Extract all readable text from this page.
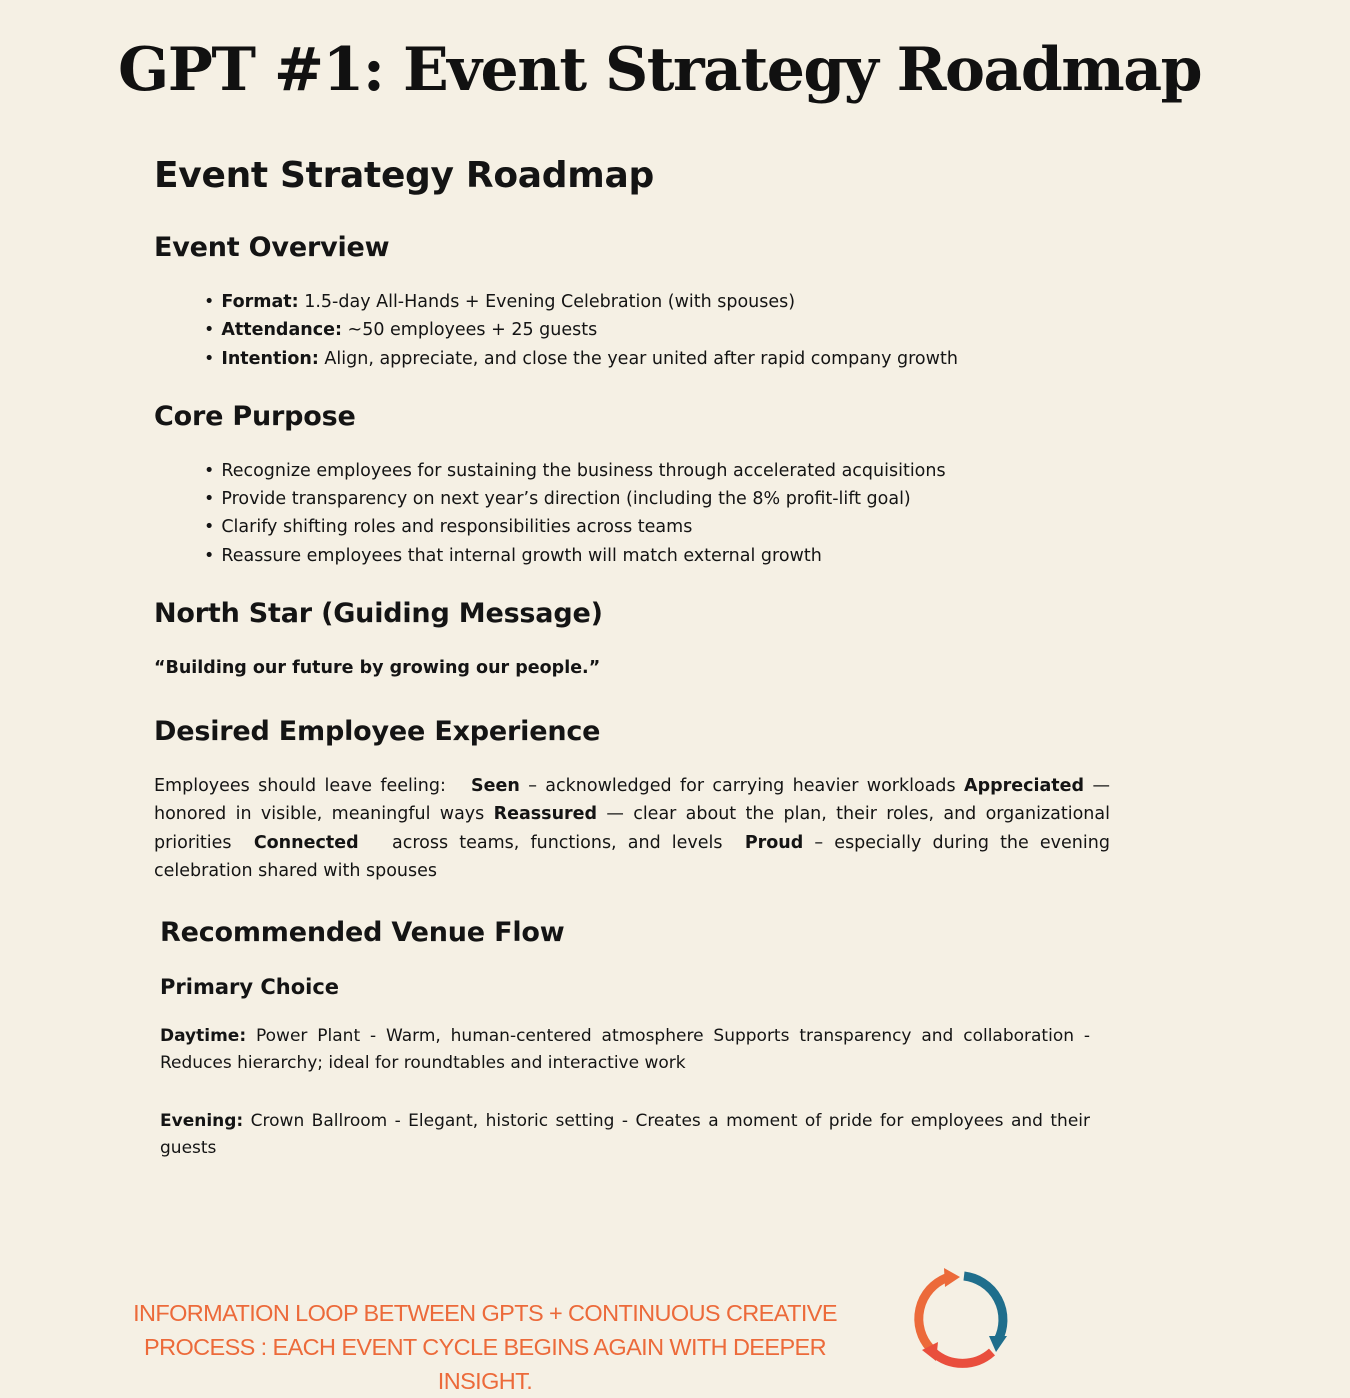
GPT #1: Event Strategy Roadmap
Event Strategy Roadmap
Event Overview
• Format: 1.5-day All-Hands + Evening Celebration (with spouses)
• Attendance: ~50 employees + 25 guests
• Intention: Align, appreciate, and close the year united after rapid company growth
Core Purpose
• Recognize employees for sustaining the business through accelerated acquisitions
• Provide transparency on next year’s direction (including the 8% profit-lift goal)
• Clarify shifting roles and responsibilities across teams
• Reassure employees that internal growth will match external growth
North Star (Guiding Message)

“Building our future by growing our people.”

Desired Employee Experience

Employees should leave feeling: Seen – acknowledged for carrying heavier workloads Appreciated — honored in visible, meaningful ways Reassured — clear about the plan, their roles, and organizational priorities Connected across teams, functions, and levels Proud – especially during the evening celebration shared with spouses

Recommended Venue Flow
Primary Choice

Daytime: Power Plant - Warm, human-centered atmosphere Supports transparency and collaboration - Reduces hierarchy; ideal for roundtables and interactive work

Evening: Crown Ballroom - Elegant, historic setting - Creates a moment of pride for employees and their guests

INFORMATION LOOP BETWEEN GPTS + CONTINUOUS CREATIVE
PROCESS : EACH EVENT CYCLE BEGINS AGAIN WITH DEEPER INSIGHT.
